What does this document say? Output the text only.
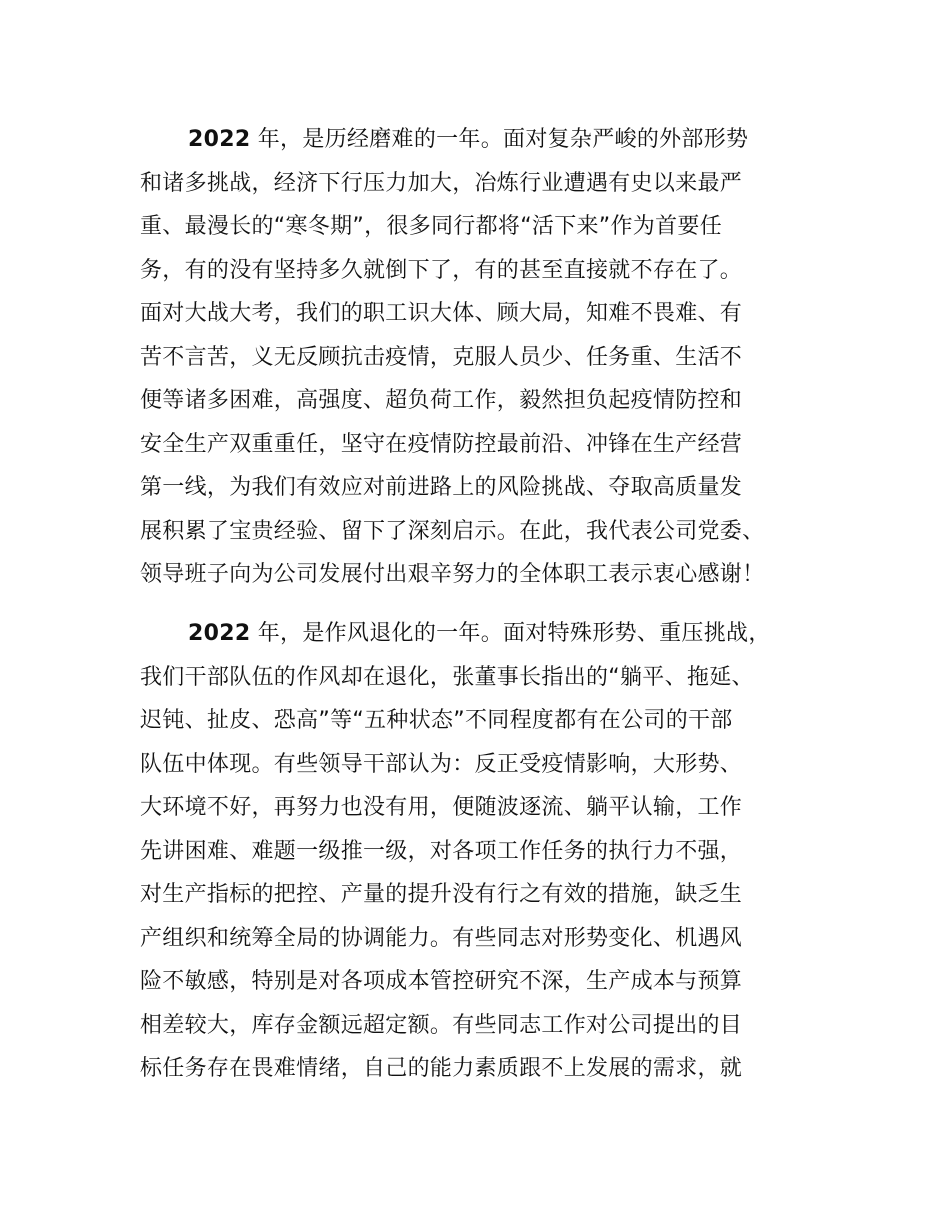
2022 年，是历经磨难的一年。面对复杂严峻的外部形势
和诸多挑战，经济下行压力加大，冶炼行业遭遇有史以来最严
重、最漫长的“寒冬期”，很多同行都将“活下来”作为首要任
务，有的没有坚持多久就倒下了，有的甚至直接就不存在了。
面对大战大考，我们的职工识大体、顾大局，知难不畏难、有
苦不言苦，义无反顾抗击疫情，克服人员少、任务重、生活不
便等诸多困难，高强度、超负荷工作，毅然担负起疫情防控和
安全生产双重重任，坚守在疫情防控最前沿、冲锋在生产经营
第一线，为我们有效应对前进路上的风险挑战、夺取高质量发
展积累了宝贵经验、留下了深刻启示。在此，我代表公司党委、
领导班子向为公司发展付出艰辛努力的全体职工表示衷心感谢！
2022 年，是作风退化的一年。面对特殊形势、重压挑战，
我们干部队伍的作风却在退化，张董事长指出的“躺平、拖延、
迟钝、扯皮、恐高”等“五种状态”不同程度都有在公司的干部
队伍中体现。有些领导干部认为：反正受疫情影响，大形势、
大环境不好，再努力也没有用，便随波逐流、躺平认输，工作
先讲困难、难题一级推一级，对各项工作任务的执行力不强，
对生产指标的把控、产量的提升没有行之有效的措施，缺乏生
产组织和统筹全局的协调能力。有些同志对形势变化、机遇风
险不敏感，特别是对各项成本管控研究不深，生产成本与预算
相差较大，库存金额远超定额。有些同志工作对公司提出的目
标任务存在畏难情绪，自己的能力素质跟不上发展的需求，就
